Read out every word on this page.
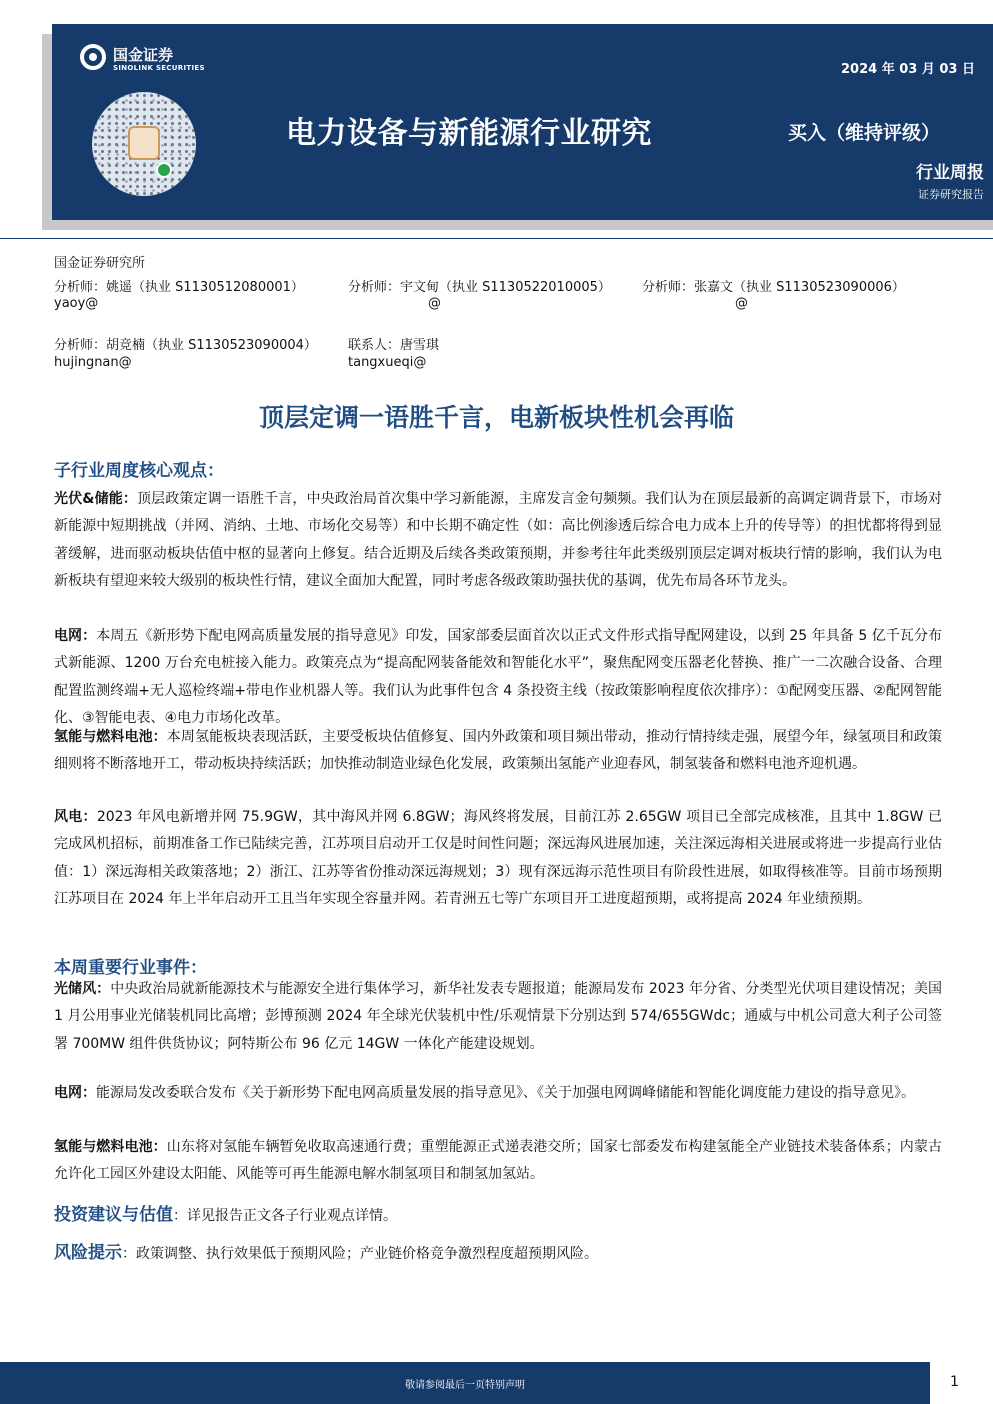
国金证券
SINOLINK SECURITIES	2024 年 03 月 03 日
电力设备与新能源行业研究	买入（维持评级）
行业周报
证券研究报告
国金证券研究所
分析师：姚遥（执业 S1130512080001）
yaoy@
分析师：宇文甸（执业 S1130522010005）
@
分析师：张嘉文（执业 S1130523090006）
@
分析师：胡竞楠（执业 S1130523090004）
hujingnan@
联系人：唐雪琪
tangxueqi@
顶层定调一语胜千言，电新板块性机会再临
子行业周度核心观点：
光伏&储能：顶层政策定调一语胜千言，中央政治局首次集中学习新能源，主席发言金句频频。我们认为在顶层最新的高调定调背景下，市场对新能源中短期挑战（并网、消纳、土地、市场化交易等）和中长期不确定性（如：高比例渗透后综合电力成本上升的传导等）的担忧都将得到显著缓解，进而驱动板块估值中枢的显著向上修复。结合近期及后续各类政策预期，并参考往年此类级别顶层定调对板块行情的影响，我们认为电新板块有望迎来较大级别的板块性行情，建议全面加大配置，同时考虑各级政策助强扶优的基调，优先布局各环节龙头。
电网：本周五《新形势下配电网高质量发展的指导意见》印发，国家部委层面首次以正式文件形式指导配网建设，以到 25 年具备 5 亿千瓦分布式新能源、1200 万台充电桩接入能力。政策亮点为“提高配网装备能效和智能化水平”，聚焦配网变压器老化替换、推广一二次融合设备、合理配置监测终端+无人巡检终端+带电作业机器人等。我们认为此事件包含 4 条投资主线（按政策影响程度依次排序）：①配网变压器、②配网智能化、③智能电表、④电力市场化改革。
氢能与燃料电池：本周氢能板块表现活跃，主要受板块估值修复、国内外政策和项目频出带动，推动行情持续走强，展望今年，绿氢项目和政策细则将不断落地开工，带动板块持续活跃；加快推动制造业绿色化发展，政策频出氢能产业迎春风，制氢装备和燃料电池齐迎机遇。
风电：2023 年风电新增并网 75.9GW，其中海风并网 6.8GW；海风终将发展，目前江苏 2.65GW 项目已全部完成核准，且其中 1.8GW 已完成风机招标，前期准备工作已陆续完善，江苏项目启动开工仅是时间性问题；深远海风进展加速，关注深远海相关进展或将进一步提高行业估值：1）深远海相关政策落地；2）浙江、江苏等省份推动深远海规划；3）现有深远海示范性项目有阶段性进展，如取得核准等。目前市场预期江苏项目在 2024 年上半年启动开工且当年实现全容量并网。若青洲五七等广东项目开工进度超预期，或将提高 2024 年业绩预期。
本周重要行业事件：
光储风：中央政治局就新能源技术与能源安全进行集体学习，新华社发表专题报道；能源局发布 2023 年分省、分类型光伏项目建设情况；美国 1 月公用事业光储装机同比高增；彭博预测 2024 年全球光伏装机中性/乐观情景下分别达到 574/655GWdc；通威与中机公司意大利子公司签署 700MW 组件供货协议；阿特斯公布 96 亿元 14GW 一体化产能建设规划。
电网：能源局发改委联合发布《关于新形势下配电网高质量发展的指导意见》、《关于加强电网调峰储能和智能化调度能力建设的指导意见》。
氢能与燃料电池：山东将对氢能车辆暂免收取高速通行费；重塑能源正式递表港交所；国家七部委发布构建氢能全产业链技术装备体系；内蒙古允许化工园区外建设太阳能、风能等可再生能源电解水制氢项目和制氢加氢站。
投资建议与估值：详见报告正文各子行业观点详情。
风险提示：政策调整、执行效果低于预期风险；产业链价格竞争激烈程度超预期风险。
敬请参阅最后一页特别声明	1
